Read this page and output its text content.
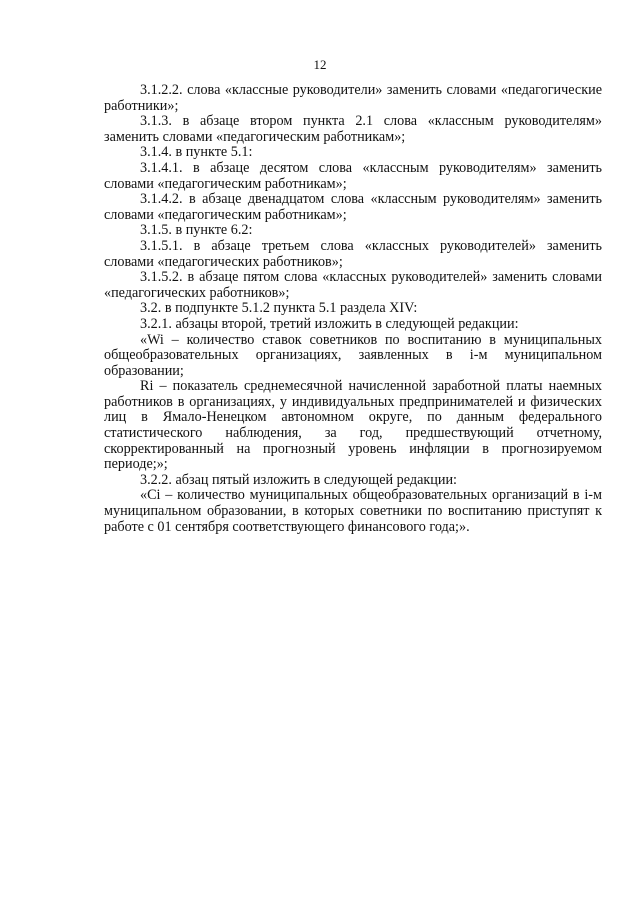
12

3.1.2.2. слова «классные руководители» заменить словами «педагогические работники»;

3.1.3. в абзаце втором пункта 2.1 слова «классным руководителям» заменить словами «педагогическим работникам»;

3.1.4. в пункте 5.1:

3.1.4.1. в абзаце десятом слова «классным руководителям» заменить словами «педагогическим работникам»;

3.1.4.2. в абзаце двенадцатом слова «классным руководителям» заменить словами «педагогическим работникам»;

3.1.5. в пункте 6.2:

3.1.5.1. в абзаце третьем слова «классных руководителей» заменить словами «педагогических работников»;

3.1.5.2. в абзаце пятом слова «классных руководителей» заменить словами «педагогических работников»;

3.2. в подпункте 5.1.2 пункта 5.1 раздела XIV:

3.2.1. абзацы второй, третий изложить в следующей редакции:

«Wi – количество ставок советников по воспитанию в муниципальных общеобразовательных организациях, заявленных в i-м муниципальном образовании;

Ri – показатель среднемесячной начисленной заработной платы наемных работников в организациях, у индивидуальных предпринимателей и физических лиц в Ямало-Ненецком автономном округе, по данным федерального статистического наблюдения, за год, предшествующий отчетному, скорректированный на прогнозный уровень инфляции в прогнозируемом периоде;»;

3.2.2. абзац пятый изложить в следующей редакции:

«Ci – количество муниципальных общеобразовательных организаций в i-м муниципальном образовании, в которых советники по воспитанию приступят к работе с 01 сентября соответствующего финансового года;».
